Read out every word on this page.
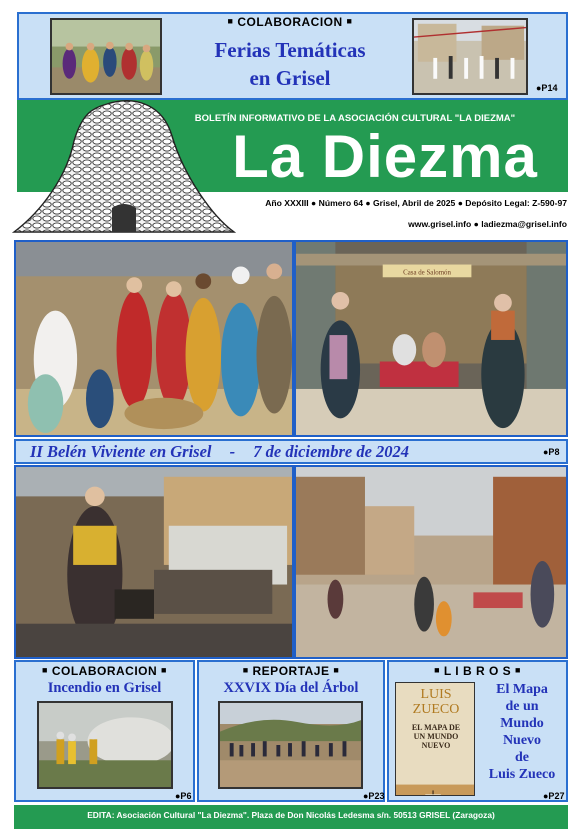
■ COLABORACION ■
Ferias Temáticas
en Grisel	●P14
BOLETÍN INFORMATIVO DE LA ASOCIACIÓN CULTURAL "LA DIEZMA"
La Diezma
Año XXXIII ● Número 64 ● Grisel, Abril de 2025 ● Depósito Legal: Z-590-97
www.grisel.info ● ladiezma@grisel.info
Casa de Salomón
II Belén Viviente en Grisel - 7 de diciembre de 2024	●P8
■ COLABORACION ■
Incendio en Grisel
●P6
■ REPORTAJE ■
XXVIX Día del Árbol
●P23
■ L I B R O S ■
LUIS
ZUECO
EL MAPA DE
UN MUNDO
NUEVO
El Mapa
de un
Mundo
Nuevo
de
Luis Zueco
●P27
EDITA: Asociación Cultural "La Diezma". Plaza de Don Nicolás Ledesma s/n. 50513 GRISEL (Zaragoza)
